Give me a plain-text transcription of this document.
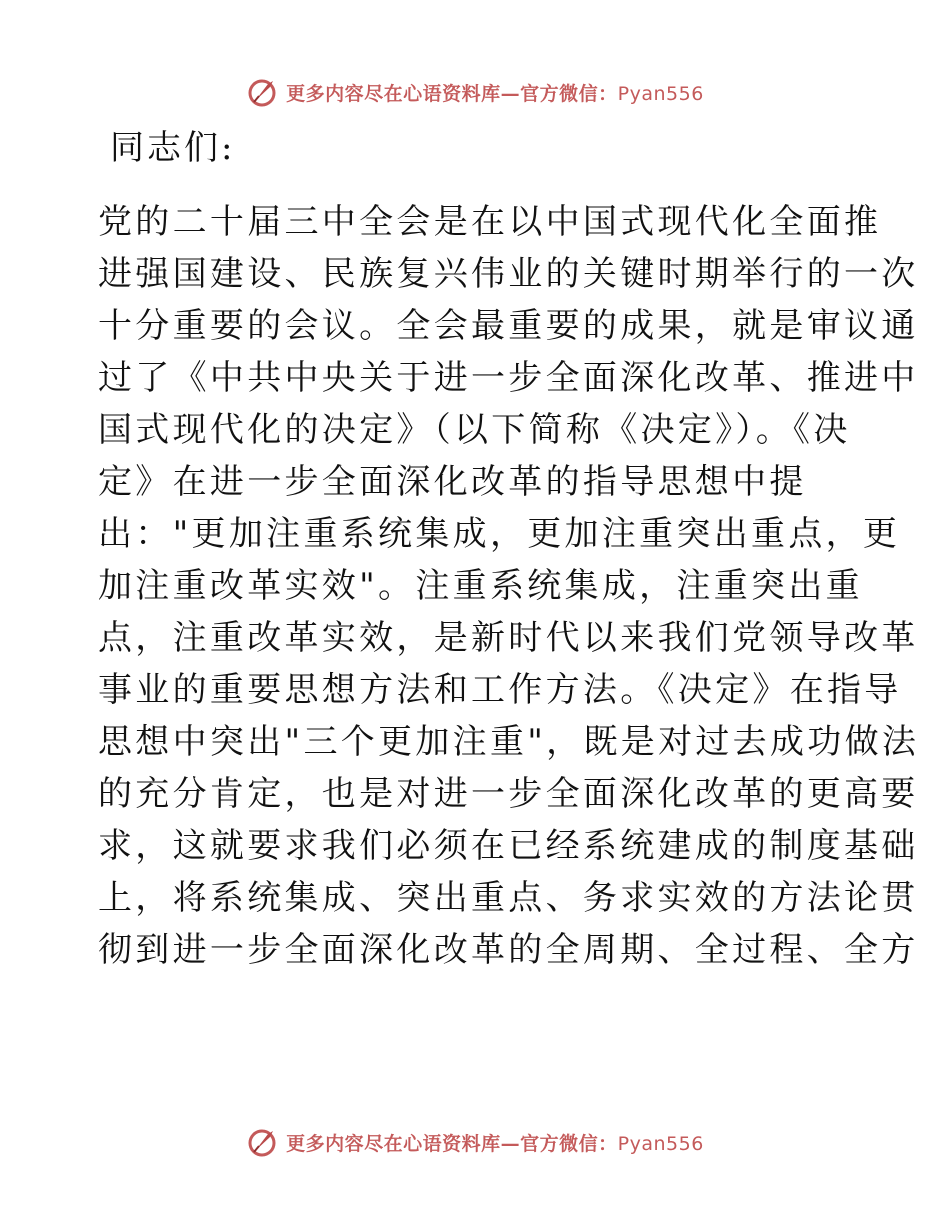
更多内容尽在心语资料库—官方微信：Pyan556
同志们:
党的二十届三中全会是在以中国式现代化全面推
进强国建设、民族复兴伟业的关键时期举行的一次
十分重要的会议。全会最重要的成果，就是审议通
过了《中共中央关于进一步全面深化改革、推进中
国式现代化的决定》（以下简称《决定》）。《决
定》在进一步全面深化改革的指导思想中提
出："更加注重系统集成，更加注重突出重点，更
加注重改革实效"。注重系统集成，注重突出重
点，注重改革实效，是新时代以来我们党领导改革
事业的重要思想方法和工作方法。《决定》在指导
思想中突出"三个更加注重"，既是对过去成功做法
的充分肯定，也是对进一步全面深化改革的更高要
求，这就要求我们必须在已经系统建成的制度基础
上，将系统集成、突出重点、务求实效的方法论贯
彻到进一步全面深化改革的全周期、全过程、全方
更多内容尽在心语资料库—官方微信：Pyan556
